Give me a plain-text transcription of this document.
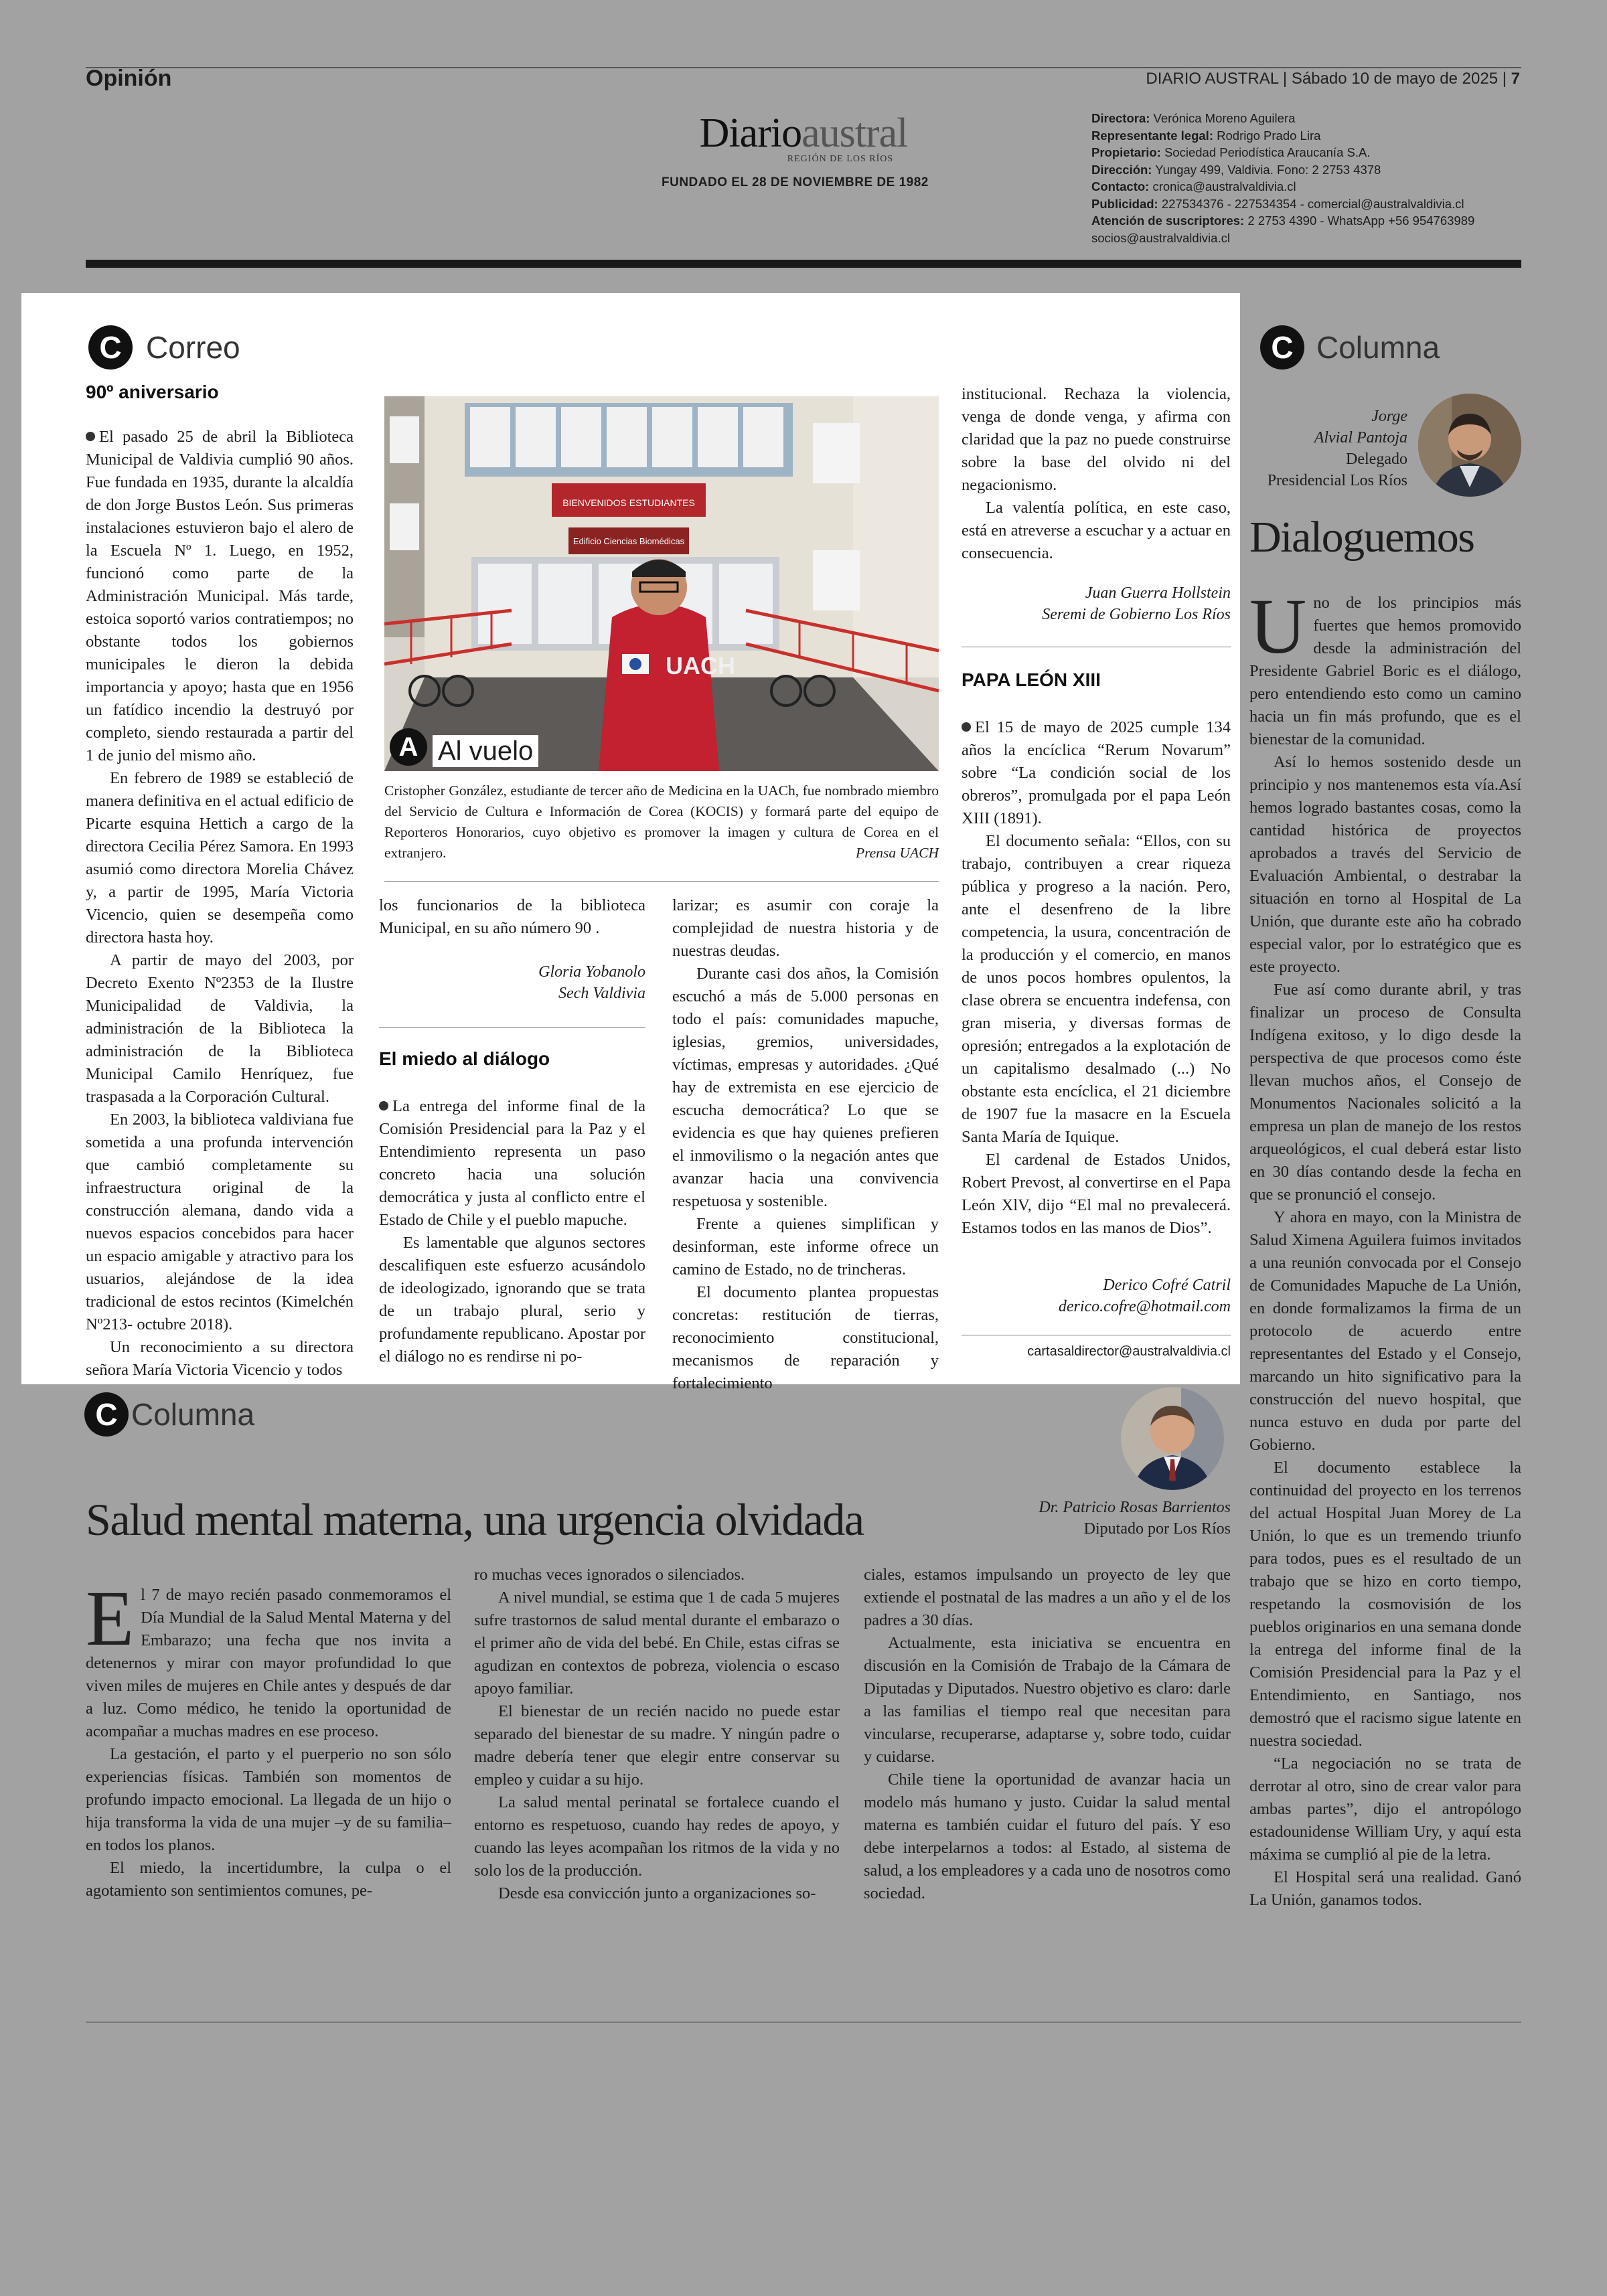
Opinión	DIARIO AUSTRAL | Sábado 10 de mayo de 2025 | 7
Diarioaustral
REGIÓN DE LOS RÍOS
FUNDADO EL 28 DE NOVIEMBRE DE 1982
Directora: Verónica Moreno Aguilera
Representante legal: Rodrigo Prado Lira
Propietario: Sociedad Periodística Araucanía S.A.
Dirección: Yungay 499, Valdivia. Fono: 2 2753 4378
Contacto: cronica@australvaldivia.cl
Publicidad: 227534376 - 227534354 - comercial@australvaldivia.cl
Atención de suscriptores: 2 2753 4390 - WhatsApp +56 954763989
socios@australvaldivia.cl
C Correo
90º aniversario

El pasado 25 de abril la Biblioteca Municipal de Valdivia cumplió 90 años. Fue fundada en 1935, durante la alcaldía de don Jorge Bustos León. Sus primeras instalaciones estuvieron bajo el alero de la Escuela Nº 1. Luego, en 1952, funcionó como parte de la Administración Municipal. Más tarde, estoica soportó varios contratiempos; no obstante todos los gobiernos municipales le dieron la debida importancia y apoyo; hasta que en 1956 un fatídico incendio la destruyó por completo, siendo restaurada a partir del 1 de junio del mismo año.

En febrero de 1989 se estableció de manera definitiva en el actual edificio de Picarte esquina Hettich a cargo de la directora Cecilia Pérez Samora. En 1993 asumió como directora Morelia Chávez y, a partir de 1995, María Victoria Vicencio, quien se desempeña como directora hasta hoy.

A partir de mayo del 2003, por Decreto Exento Nº2353 de la Ilustre Municipalidad de Valdivia, la administración de la Biblioteca la administración de la Biblioteca Municipal Camilo Henríquez, fue traspasada a la Corporación Cultural.

En 2003, la biblioteca valdiviana fue sometida a una profunda intervención que cambió completamente su infraestructura original de la construcción alemana, dando vida a nuevos espacios concebidos para hacer un espacio amigable y atractivo para los usuarios, alejándose de la idea tradicional de estos recintos (Kimelchén Nº213- octubre 2018).

Un reconocimiento a su directora señora María Victoria Vicencio y todos

BIENVENIDOS ESTUDIANTES
Edificio Ciencias Biomédicas
UACH
A Al vuelo
Cristopher González, estudiante de tercer año de Medicina en la UACh, fue nombrado miembro del Servicio de Cultura e Información de Corea (KOCIS) y formará parte del equipo de Reporteros Honorarios, cuyo objetivo es promover la imagen y cultura de Corea en el extranjero.	Prensa UACH

los funcionarios de la biblioteca Municipal, en su año número 90 .

Gloria Yobanolo
Sech Valdivia
El miedo al diálogo

La entrega del informe final de la Comisión Presidencial para la Paz y el Entendimiento representa un paso concreto hacia una solución democrática y justa al conflicto entre el Estado de Chile y el pueblo mapuche.

Es lamentable que algunos sectores descalifiquen este esfuerzo acusándolo de ideologizado, ignorando que se trata de un trabajo plural, serio y profundamente republicano. Apostar por el diálogo no es rendirse ni po-

larizar; es asumir con coraje la complejidad de nuestra historia y de nuestras deudas.

Durante casi dos años, la Comisión escuchó a más de 5.000 personas en todo el país: comunidades mapuche, iglesias, gremios, universidades, víctimas, empresas y autoridades. ¿Qué hay de extremista en ese ejercicio de escucha democrática? Lo que se evidencia es que hay quienes prefieren el inmovilismo o la negación antes que avanzar hacia una convivencia respetuosa y sostenible.

Frente a quienes simplifican y desinforman, este informe ofrece un camino de Estado, no de trincheras.

El documento plantea propuestas concretas: restitución de tierras, reconocimiento constitucional, mecanismos de reparación y fortalecimiento

institucional. Rechaza la violencia, venga de donde venga, y afirma con claridad que la paz no puede construirse sobre la base del olvido ni del negacionismo.

La valentía política, en este caso, está en atreverse a escuchar y a actuar en consecuencia.

Juan Guerra Hollstein
Seremi de Gobierno Los Ríos
PAPA LEÓN XIII

El 15 de mayo de 2025 cumple 134 años la encíclica “Rerum Novarum” sobre “La condición social de los obreros”, promulgada por el papa León XIII (1891).

El documento señala: “Ellos, con su trabajo, contribuyen a crear riqueza pública y progreso a la nación. Pero, ante el desenfreno de la libre competencia, la usura, concentración de la producción y el comercio, en manos de unos pocos hombres opulentos, la clase obrera se encuentra indefensa, con gran miseria, y diversas formas de opresión; entregados a la explotación de un capitalismo desalmado (...) No obstante esta encíclica, el 21 diciembre de 1907 fue la masacre en la Escuela Santa María de Iquique.

El cardenal de Estados Unidos, Robert Prevost, al convertirse en el Papa León XlV, dijo “El mal no prevalecerá. Estamos todos en las manos de Dios”.

Derico Cofré Catril
derico.cofre@hotmail.com
cartasaldirector@australvaldivia.cl
C Columna
Jorge
Alvial Pantoja
Delegado
Presidencial Los Ríos
Dialoguemos

Uno de los principios más fuertes que hemos promovido desde la administración del Presidente Gabriel Boric es el diálogo, pero entendiendo esto como un camino hacia un fin más profundo, que es el bienestar de la comunidad.

Así lo hemos sostenido desde un principio y nos mantenemos esta vía.Así hemos logrado bastantes cosas, como la cantidad histórica de proyectos aprobados a través del Servicio de Evaluación Ambiental, o destrabar la situación en torno al Hospital de La Unión, que durante este año ha cobrado especial valor, por lo estratégico que es este proyecto.

Fue así como durante abril, y tras finalizar un proceso de Consulta Indígena exitoso, y lo digo desde la perspectiva de que procesos como éste llevan muchos años, el Consejo de Monumentos Nacionales solicitó a la empresa un plan de manejo de los restos arqueológicos, el cual deberá estar listo en 30 días contando desde la fecha en que se pronunció el consejo.

Y ahora en mayo, con la Ministra de Salud Ximena Aguilera fuimos invitados a una reunión convocada por el Consejo de Comunidades Mapuche de La Unión, en donde formalizamos la firma de un protocolo de acuerdo entre representantes del Estado y el Consejo, marcando un hito significativo para la construcción del nuevo hospital, que nunca estuvo en duda por parte del Gobierno.

El documento establece la continuidad del proyecto en los terrenos del actual Hospital Juan Morey de La Unión, lo que es un tremendo triunfo para todos, pues es el resultado de un trabajo que se hizo en corto tiempo, respetando la cosmovisión de los pueblos originarios en una semana donde la entrega del informe final de la Comisión Presidencial para la Paz y el Entendimiento, en Santiago, nos demostró que el racismo sigue latente en nuestra sociedad.

“La negociación no se trata de derrotar al otro, sino de crear valor para ambas partes”, dijo el antropólogo estadounidense William Ury, y aquí esta máxima se cumplió al pie de la letra.

El Hospital será una realidad. Ganó La Unión, ganamos todos.

C Columna
Dr. Patricio Rosas Barrientos
Diputado por Los Ríos
Salud mental materna, una urgencia olvidada

El 7 de mayo recién pasado conmemoramos el Día Mundial de la Salud Mental Materna y del Embarazo; una fecha que nos invita a detenernos y mirar con mayor profundidad lo que viven miles de mujeres en Chile antes y después de dar a luz. Como médico, he tenido la oportunidad de acompañar a muchas madres en ese proceso.

La gestación, el parto y el puerperio no son sólo experiencias físicas. También son momentos de profundo impacto emocional. La llegada de un hijo o hija transforma la vida de una mujer –y de su familia– en todos los planos.

El miedo, la incertidumbre, la culpa o el agotamiento son sentimientos comunes, pe-

ro muchas veces ignorados o silenciados.

A nivel mundial, se estima que 1 de cada 5 mujeres sufre trastornos de salud mental durante el embarazo o el primer año de vida del bebé. En Chile, estas cifras se agudizan en contextos de pobreza, violencia o escaso apoyo familiar.

El bienestar de un recién nacido no puede estar separado del bienestar de su madre. Y ningún padre o madre debería tener que elegir entre conservar su empleo y cuidar a su hijo.

La salud mental perinatal se fortalece cuando el entorno es respetuoso, cuando hay redes de apoyo, y cuando las leyes acompañan los ritmos de la vida y no solo los de la producción.

Desde esa convicción junto a organizaciones so-

ciales, estamos impulsando un proyecto de ley que extiende el postnatal de las madres a un año y el de los padres a 30 días.

Actualmente, esta iniciativa se encuentra en discusión en la Comisión de Trabajo de la Cámara de Diputadas y Diputados. Nuestro objetivo es claro: darle a las familias el tiempo real que necesitan para vincularse, recuperarse, adaptarse y, sobre todo, cuidar y cuidarse.

Chile tiene la oportunidad de avanzar hacia un modelo más humano y justo. Cuidar la salud mental materna es también cuidar el futuro del país. Y eso debe interpelarnos a todos: al Estado, al sistema de salud, a los empleadores y a cada uno de nosotros como sociedad.
